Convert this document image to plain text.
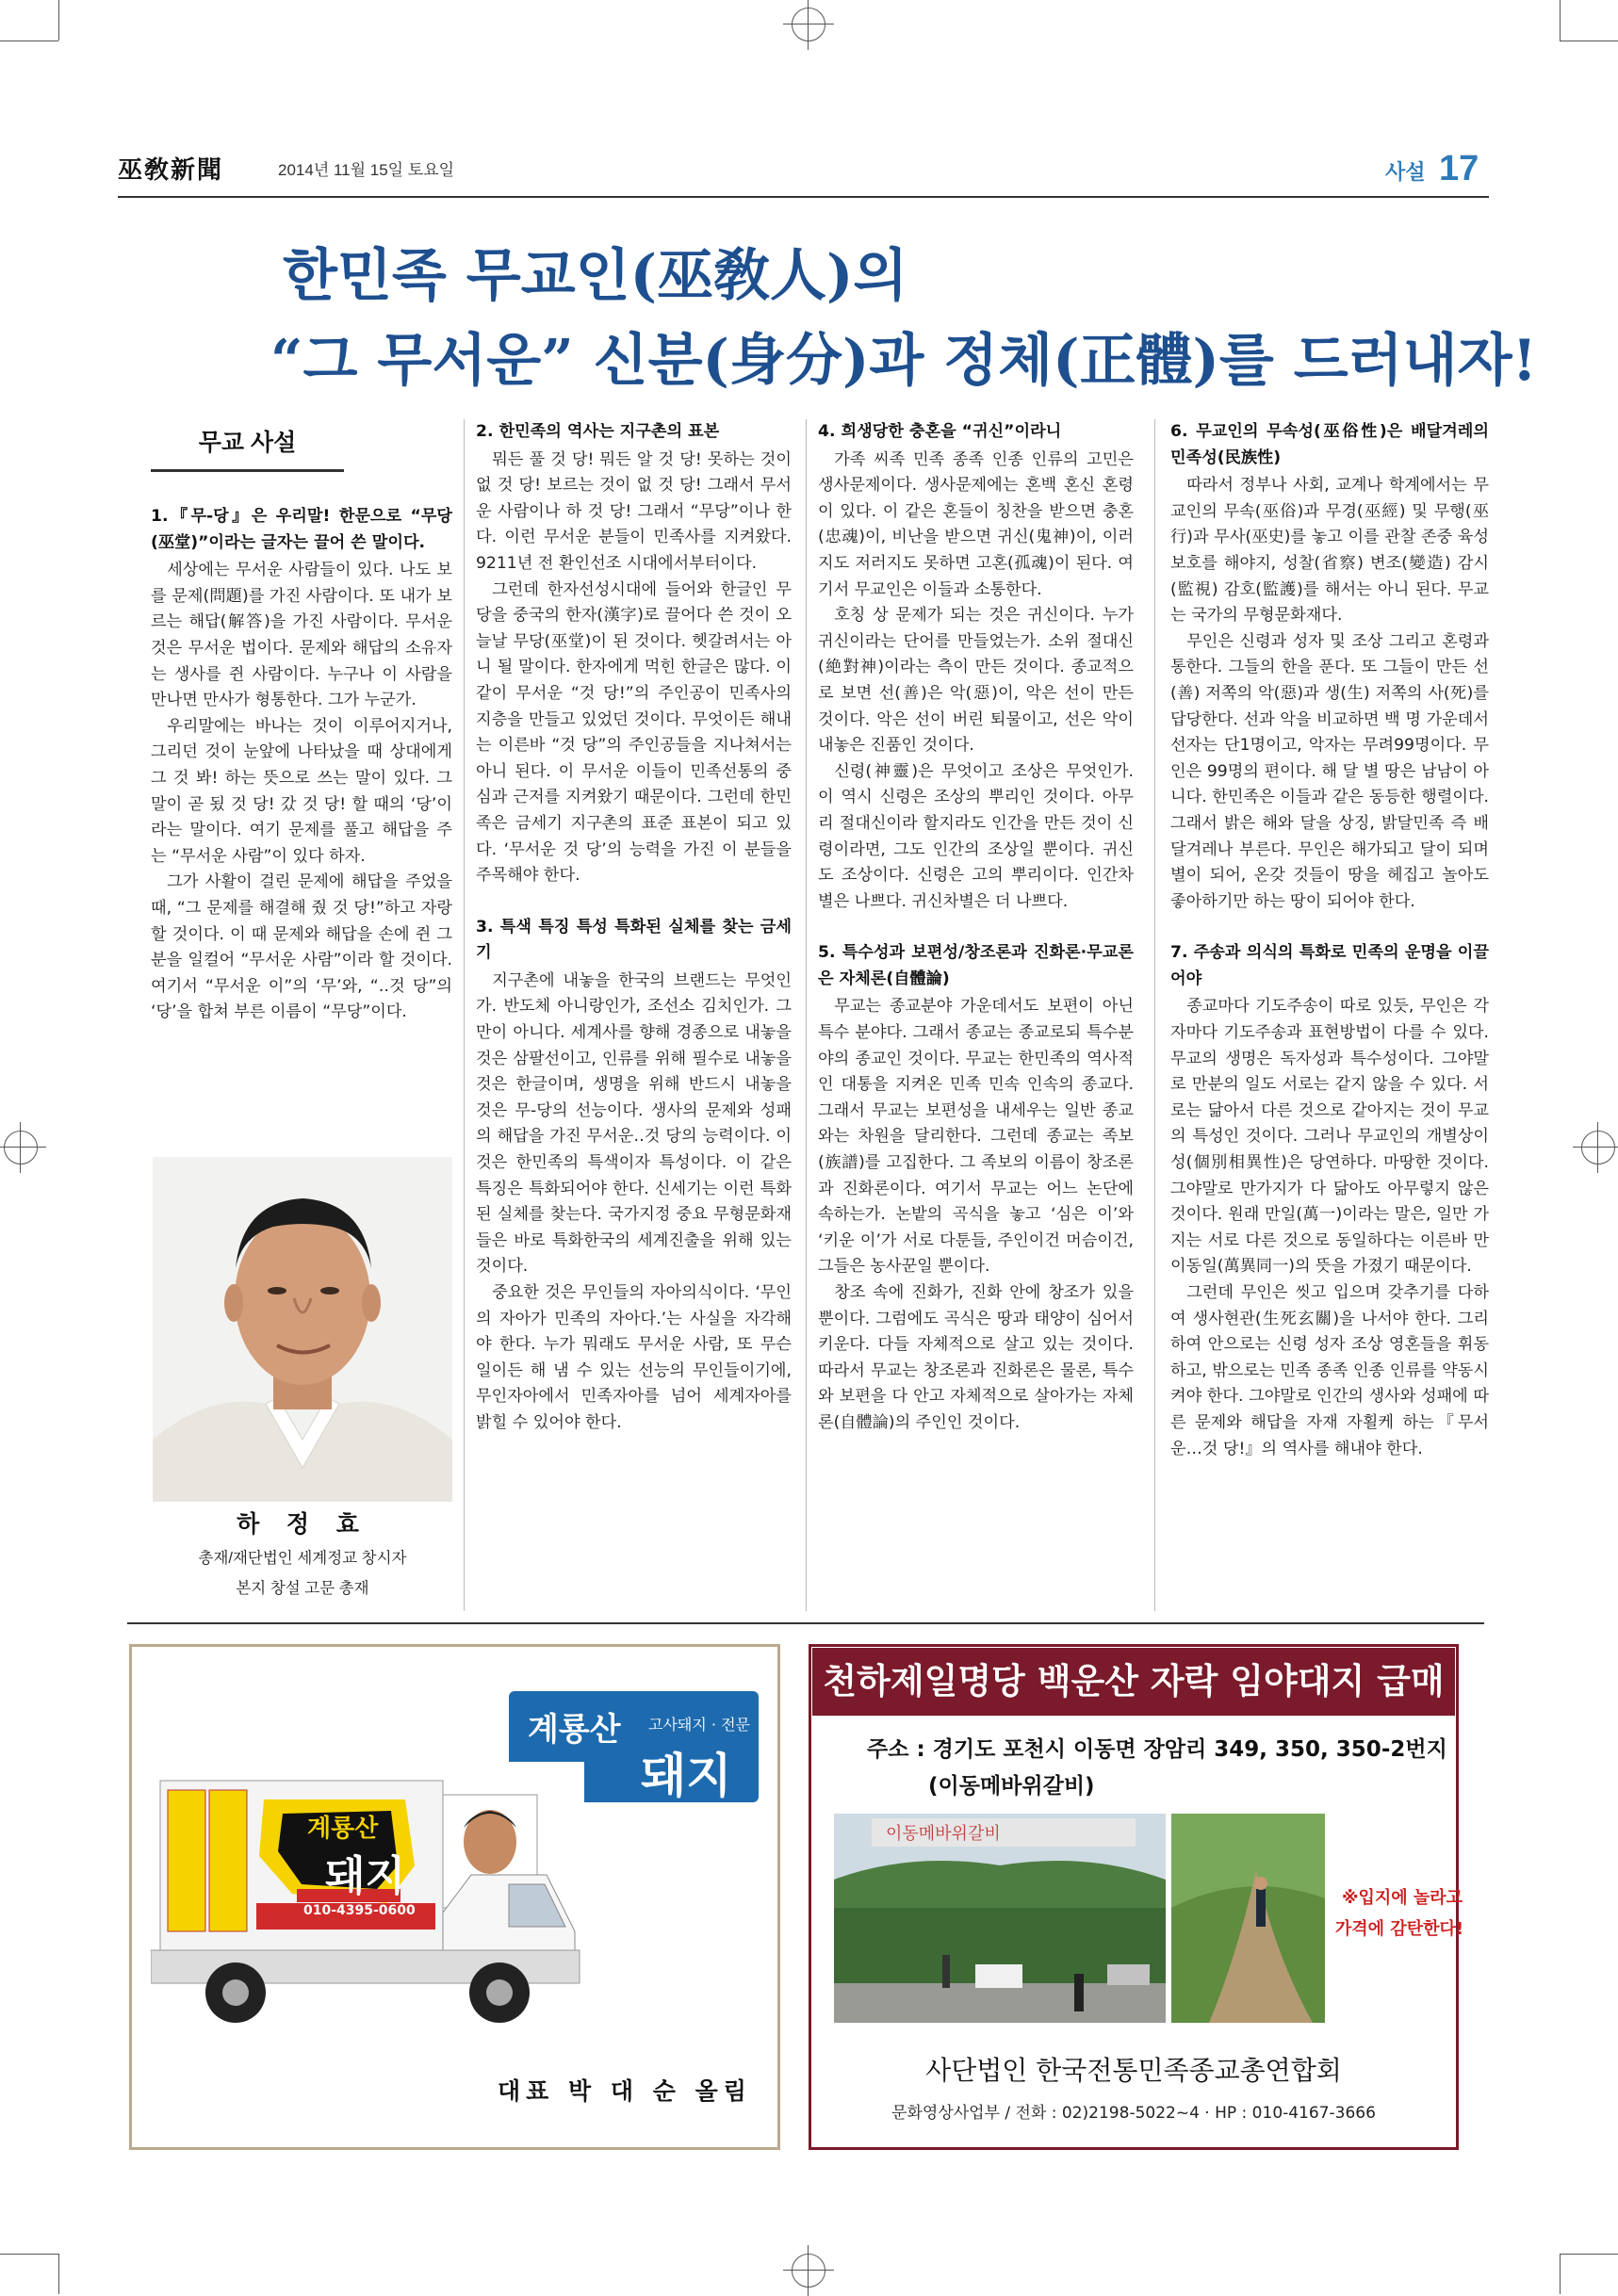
巫敎新聞	2014년 11월 15일 토요일	사설 17
한민족 무교인(巫敎人)의
“그 무서운” 신분(身分)과 정체(正體)를 드러내자!
무교 사설

1.『무-당』은 우리말! 한문으로 “무당(巫堂)”이라는 글자는 끌어 쓴 말이다.

세상에는 무서운 사람들이 있다. 나도 보를 문제(問題)를 가진 사람이다. 또 내가 보르는 해답(解答)을 가진 사람이다. 무서운 것은 무서운 법이다. 문제와 해답의 소유자는 생사를 쥔 사람이다. 누구나 이 사람을 만나면 만사가 형통한다. 그가 누군가.

우리말에는 바나는 것이 이루어지거나, 그리던 것이 눈앞에 나타났을 때 상대에게 그 것 봐! 하는 뜻으로 쓰는 말이 있다. 그 말이 곧 됬 것 당! 갔 것 당! 할 때의 ‘당’이라는 말이다. 여기 문제를 풀고 해답을 주는 “무서운 사람”이 있다 하자.

그가 사활이 걸린 문제에 해답을 주었을 때, “그 문제를 해결해 줬 것 당!”하고 자랑할 것이다. 이 때 문제와 해답을 손에 쥔 그분을 일컬어 “무서운 사람”이라 할 것이다. 여기서 “무서운 이”의 ‘무’와, “‥것 당”의 ‘당’을 합쳐 부른 이름이 “무당”이다.

2. 한민족의 역사는 지구촌의 표본

뭐든 풀 것 당! 뭐든 알 것 당! 못하는 것이 없 것 당! 보르는 것이 없 것 당! 그래서 무서운 사람이나 하 것 당! 그래서 “무당”이나 한다. 이런 무서운 분들이 민족사를 지켜왔다. 9211년 전 환인선조 시대에서부터이다.

그런데 한자선성시대에 들어와 한글인 무당을 중국의 한자(漢字)로 끌어다 쓴 것이 오늘날 무당(巫堂)이 된 것이다. 헷갈려서는 아니 될 말이다. 한자에게 먹힌 한글은 많다. 이 같이 무서운 “것 당!”의 주인공이 민족사의 지층을 만들고 있었던 것이다. 무엇이든 해내는 이른바 “것 당”의 주인공들을 지나쳐서는 아니 된다. 이 무서운 이들이 민족선통의 중심과 근저를 지켜왔기 때문이다. 그런데 한민족은 금세기 지구촌의 표준 표본이 되고 있다. ‘무서운 것 당’의 능력을 가진 이 분들을 주목해야 한다.

3. 특색 특징 특성 특화된 실체를 찾는 금세기

지구촌에 내놓을 한국의 브랜드는 무엇인가. 반도체 아니랑인가, 조선소 김치인가. 그만이 아니다. 세계사를 향해 경종으로 내놓을 것은 삼팔선이고, 인류를 위해 필수로 내놓을 것은 한글이며, 생명을 위해 반드시 내놓을 것은 무-당의 선능이다. 생사의 문제와 성패의 해답을 가진 무서운‥것 당의 능력이다. 이 것은 한민족의 특색이자 특성이다. 이 같은 특징은 특화되어야 한다. 신세기는 이런 특화된 실체를 찾는다. 국가지정 중요 무형문화재들은 바로 특화한국의 세계진출을 위해 있는 것이다.

중요한 것은 무인들의 자아의식이다. ‘무인의 자아가 민족의 자아다.’는 사실을 자각해야 한다. 누가 뭐래도 무서운 사람, 또 무슨 일이든 해 냄 수 있는 선능의 무인들이기에, 무인자아에서 민족자아를 넘어 세계자아를 밝힐 수 있어야 한다.

4. 희생당한 충혼을 “귀신”이라니

가족 씨족 민족 종족 인종 인류의 고민은 생사문제이다. 생사문제에는 혼백 혼신 혼령이 있다. 이 같은 혼들이 칭찬을 받으면 충혼(忠魂)이, 비난을 받으면 귀신(鬼神)이, 이러지도 저러지도 못하면 고혼(孤魂)이 된다. 여기서 무교인은 이들과 소통한다.

호칭 상 문제가 되는 것은 귀신이다. 누가 귀신이라는 단어를 만들었는가. 소위 절대신(絶對神)이라는 측이 만든 것이다. 종교적으로 보면 선(善)은 악(惡)이, 악은 선이 만든 것이다. 악은 선이 버린 퇴물이고, 선은 악이 내놓은 진품인 것이다.

신령(神靈)은 무엇이고 조상은 무엇인가. 이 역시 신령은 조상의 뿌리인 것이다. 아무리 절대신이라 할지라도 인간을 만든 것이 신령이라면, 그도 인간의 조상일 뿐이다. 귀신도 조상이다. 신령은 고의 뿌리이다. 인간차별은 나쁘다. 귀신차별은 더 나쁘다.

5. 특수성과 보편성/창조론과 진화론·무교론은 자체론(自體論)

무교는 종교분야 가운데서도 보편이 아닌 특수 분야다. 그래서 종교는 종교로되 특수분야의 종교인 것이다. 무교는 한민족의 역사적인 대통을 지켜온 민족 민속 인속의 종교다. 그래서 무교는 보편성을 내세우는 일반 종교와는 차원을 달리한다. 그런데 종교는 족보(族譜)를 고집한다. 그 족보의 이름이 창조론과 진화론이다. 여기서 무교는 어느 논단에 속하는가. 논밭의 곡식을 놓고 ‘심은 이’와 ‘키운 이’가 서로 다툰들, 주인이건 머슴이건, 그들은 농사꾼일 뿐이다.

창조 속에 진화가, 진화 안에 창조가 있을 뿐이다. 그럼에도 곡식은 땅과 태양이 심어서 키운다. 다들 자체적으로 살고 있는 것이다. 따라서 무교는 창조론과 진화론은 물론, 특수와 보편을 다 안고 자체적으로 살아가는 자체론(自體論)의 주인인 것이다.

6. 무교인의 무속성(巫俗性)은 배달겨레의 민족성(民族性)

따라서 정부나 사회, 교계나 학계에서는 무교인의 무속(巫俗)과 무경(巫經) 및 무행(巫行)과 무사(巫史)를 놓고 이를 관찰 존중 육성 보호를 해야지, 성찰(省察) 변조(變造) 감시(監視) 감호(監護)를 해서는 아니 된다. 무교는 국가의 무형문화재다.

무인은 신령과 성자 및 조상 그리고 혼령과 통한다. 그들의 한을 푼다. 또 그들이 만든 선(善) 저쪽의 악(惡)과 생(生) 저쪽의 사(死)를 답당한다. 선과 악을 비교하면 백 명 가운데서 선자는 단1명이고, 악자는 무려99명이다. 무인은 99명의 편이다. 해 달 별 땅은 남남이 아니다. 한민족은 이들과 같은 동등한 행렬이다. 그래서 밝은 해와 달을 상징, 밝달민족 즉 배달겨레나 부른다. 무인은 해가되고 달이 되며 별이 되어, 온갖 것들이 땅을 헤집고 놀아도 좋아하기만 하는 땅이 되어야 한다.

7. 주송과 의식의 특화로 민족의 운명을 이끌어야

종교마다 기도주송이 따로 있듯, 무인은 각자마다 기도주송과 표현방법이 다를 수 있다. 무교의 생명은 독자성과 특수성이다. 그야말로 만분의 일도 서로는 같지 않을 수 있다. 서로는 닮아서 다른 것으로 같아지는 것이 무교의 특성인 것이다. 그러나 무교인의 개별상이성(個別相異性)은 당연하다. 마땅한 것이다. 그야말로 만가지가 다 닮아도 아무렇지 않은 것이다. 원래 만일(萬一)이라는 말은, 일만 가지는 서로 다른 것으로 동일하다는 이른바 만이동일(萬異同一)의 뜻을 가졌기 때문이다.

그런데 무인은 씻고 입으며 갖추기를 다하여 생사현관(生死玄關)을 나서야 한다. 그리하여 안으로는 신령 성자 조상 영혼들을 휘동하고, 밖으로는 민족 종족 인종 인류를 약동시켜야 한다. 그야말로 인간의 생사와 성패에 따른 문제와 해답을 자재 자횔케 하는『무서운…것 당!』의 역사를 해내야 한다.

하 정 효
총재/재단법인 세계정교 창시자
본지 창설 고문 총재
계룡산 고사돼지 · 전문
돼지
계룡산
돼지
010-4395-0600
대표 박 대 순 올림
천하제일명당 백운산 자락 임야대지 급매
주소 : 경기도 포천시 이동면 장암리 349, 350, 350-2번지
(이동메바위갈비)
이동메바위갈비
※입지에 놀라고
가격에 감탄한다!
사단법인 한국전통민족종교총연합회
문화영상사업부 / 전화 : 02)2198-5022~4 · HP : 010-4167-3666
